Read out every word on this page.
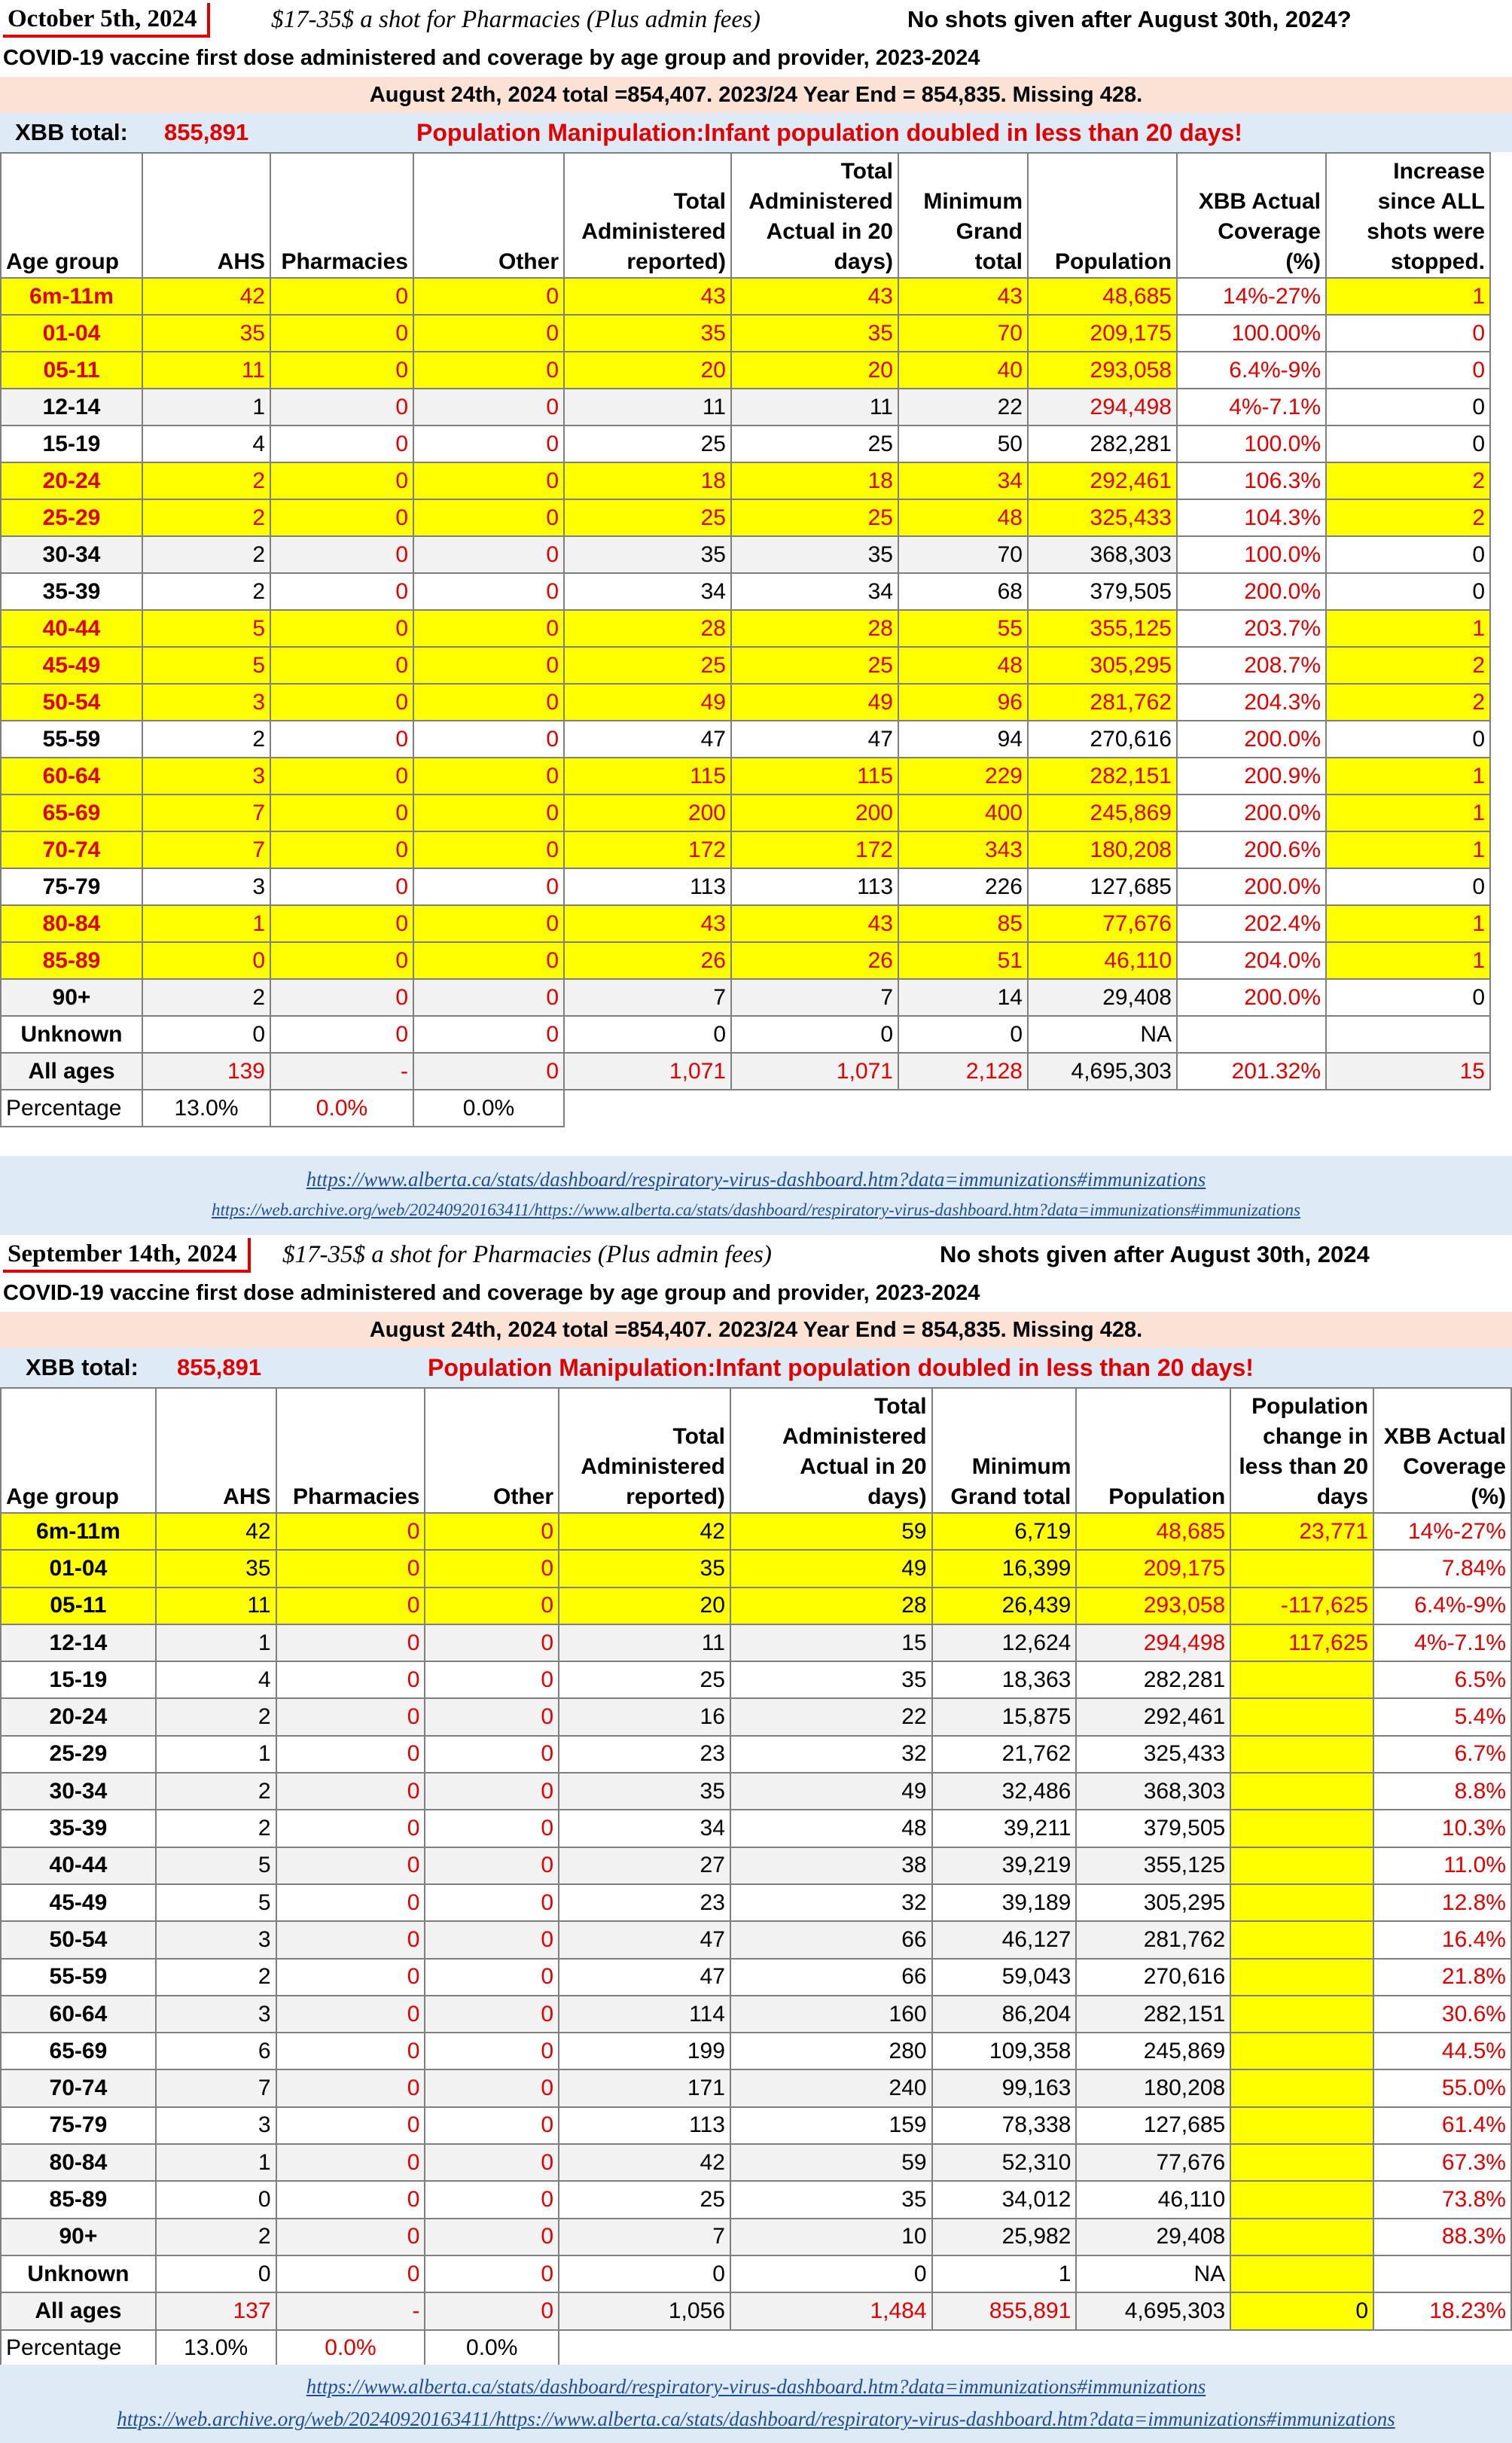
October 5th, 2024	$17-35$ a shot for Pharmacies (Plus admin fees)	No shots given after August 30th, 2024?
COVID-19 vaccine first dose administered and coverage by age group and provider, 2023-2024
August 24th, 2024 total =854,407. 2023/24 Year End = 854,835. Missing 428.
XBB total: 855,891	Population Manipulation:Infant population doubled in less than 20 days!
Age group	AHS	Pharmacies	Other	Total Administered reported)	Total Administered Actual in 20 days)	Minimum Grand total	Population	XBB Actual Coverage (%)	Increase since ALL shots were stopped.
6m-11m	42	0	0	43	43	43	48,685	14%-27%	1
01-04	35	0	0	35	35	70	209,175	100.00%	0
05-11	11	0	0	20	20	40	293,058	6.4%-9%	0
12-14	1	0	0	11	11	22	294,498	4%-7.1%	0
15-19	4	0	0	25	25	50	282,281	100.0%	0
20-24	2	0	0	18	18	34	292,461	106.3%	2
25-29	2	0	0	25	25	48	325,433	104.3%	2
30-34	2	0	0	35	35	70	368,303	100.0%	0
35-39	2	0	0	34	34	68	379,505	200.0%	0
40-44	5	0	0	28	28	55	355,125	203.7%	1
45-49	5	0	0	25	25	48	305,295	208.7%	2
50-54	3	0	0	49	49	96	281,762	204.3%	2
55-59	2	0	0	47	47	94	270,616	200.0%	0
60-64	3	0	0	115	115	229	282,151	200.9%	1
65-69	7	0	0	200	200	400	245,869	200.0%	1
70-74	7	0	0	172	172	343	180,208	200.6%	1
75-79	3	0	0	113	113	226	127,685	200.0%	0
80-84	1	0	0	43	43	85	77,676	202.4%	1
85-89	0	0	0	26	26	51	46,110	204.0%	1
90+	2	0	0	7	7	14	29,408	200.0%	0
Unknown	0	0	0	0	0	0	NA		
All ages	139	-	0	1,071	1,071	2,128	4,695,303	201.32%	15
Percentage	13.0%	0.0%	0.0%						
https://www.alberta.ca/stats/dashboard/respiratory-virus-dashboard.htm?data=immunizations#immunizations
https://web.archive.org/web/20240920163411/https://www.alberta.ca/stats/dashboard/respiratory-virus-dashboard.htm?data=immunizations#immunizations
September 14th, 2024	$17-35$ a shot for Pharmacies (Plus admin fees)	No shots given after August 30th, 2024
COVID-19 vaccine first dose administered and coverage by age group and provider, 2023-2024
August 24th, 2024 total =854,407. 2023/24 Year End = 854,835. Missing 428.
XBB total: 855,891	Population Manipulation:Infant population doubled in less than 20 days!
Age group	AHS	Pharmacies	Other	Total Administered reported)	Total Administered Actual in 20 days)	Minimum Grand total	Population	Population change in less than 20 days	XBB Actual Coverage (%)
6m-11m	42	0	0	42	59	6,719	48,685	23,771	14%-27%
01-04	35	0	0	35	49	16,399	209,175		7.84%
05-11	11	0	0	20	28	26,439	293,058	-117,625	6.4%-9%
12-14	1	0	0	11	15	12,624	294,498	117,625	4%-7.1%
15-19	4	0	0	25	35	18,363	282,281		6.5%
20-24	2	0	0	16	22	15,875	292,461		5.4%
25-29	1	0	0	23	32	21,762	325,433		6.7%
30-34	2	0	0	35	49	32,486	368,303		8.8%
35-39	2	0	0	34	48	39,211	379,505		10.3%
40-44	5	0	0	27	38	39,219	355,125		11.0%
45-49	5	0	0	23	32	39,189	305,295		12.8%
50-54	3	0	0	47	66	46,127	281,762		16.4%
55-59	2	0	0	47	66	59,043	270,616		21.8%
60-64	3	0	0	114	160	86,204	282,151		30.6%
65-69	6	0	0	199	280	109,358	245,869		44.5%
70-74	7	0	0	171	240	99,163	180,208		55.0%
75-79	3	0	0	113	159	78,338	127,685		61.4%
80-84	1	0	0	42	59	52,310	77,676		67.3%
85-89	0	0	0	25	35	34,012	46,110		73.8%
90+	2	0	0	7	10	25,982	29,408		88.3%
Unknown	0	0	0	0	0	1	NA		
All ages	137	-	0	1,056	1,484	855,891	4,695,303	0	18.23%
Percentage	13.0%	0.0%	0.0%						
https://www.alberta.ca/stats/dashboard/respiratory-virus-dashboard.htm?data=immunizations#immunizations
https://web.archive.org/web/20240920163411/https://www.alberta.ca/stats/dashboard/respiratory-virus-dashboard.htm?data=immunizations#immunizations
